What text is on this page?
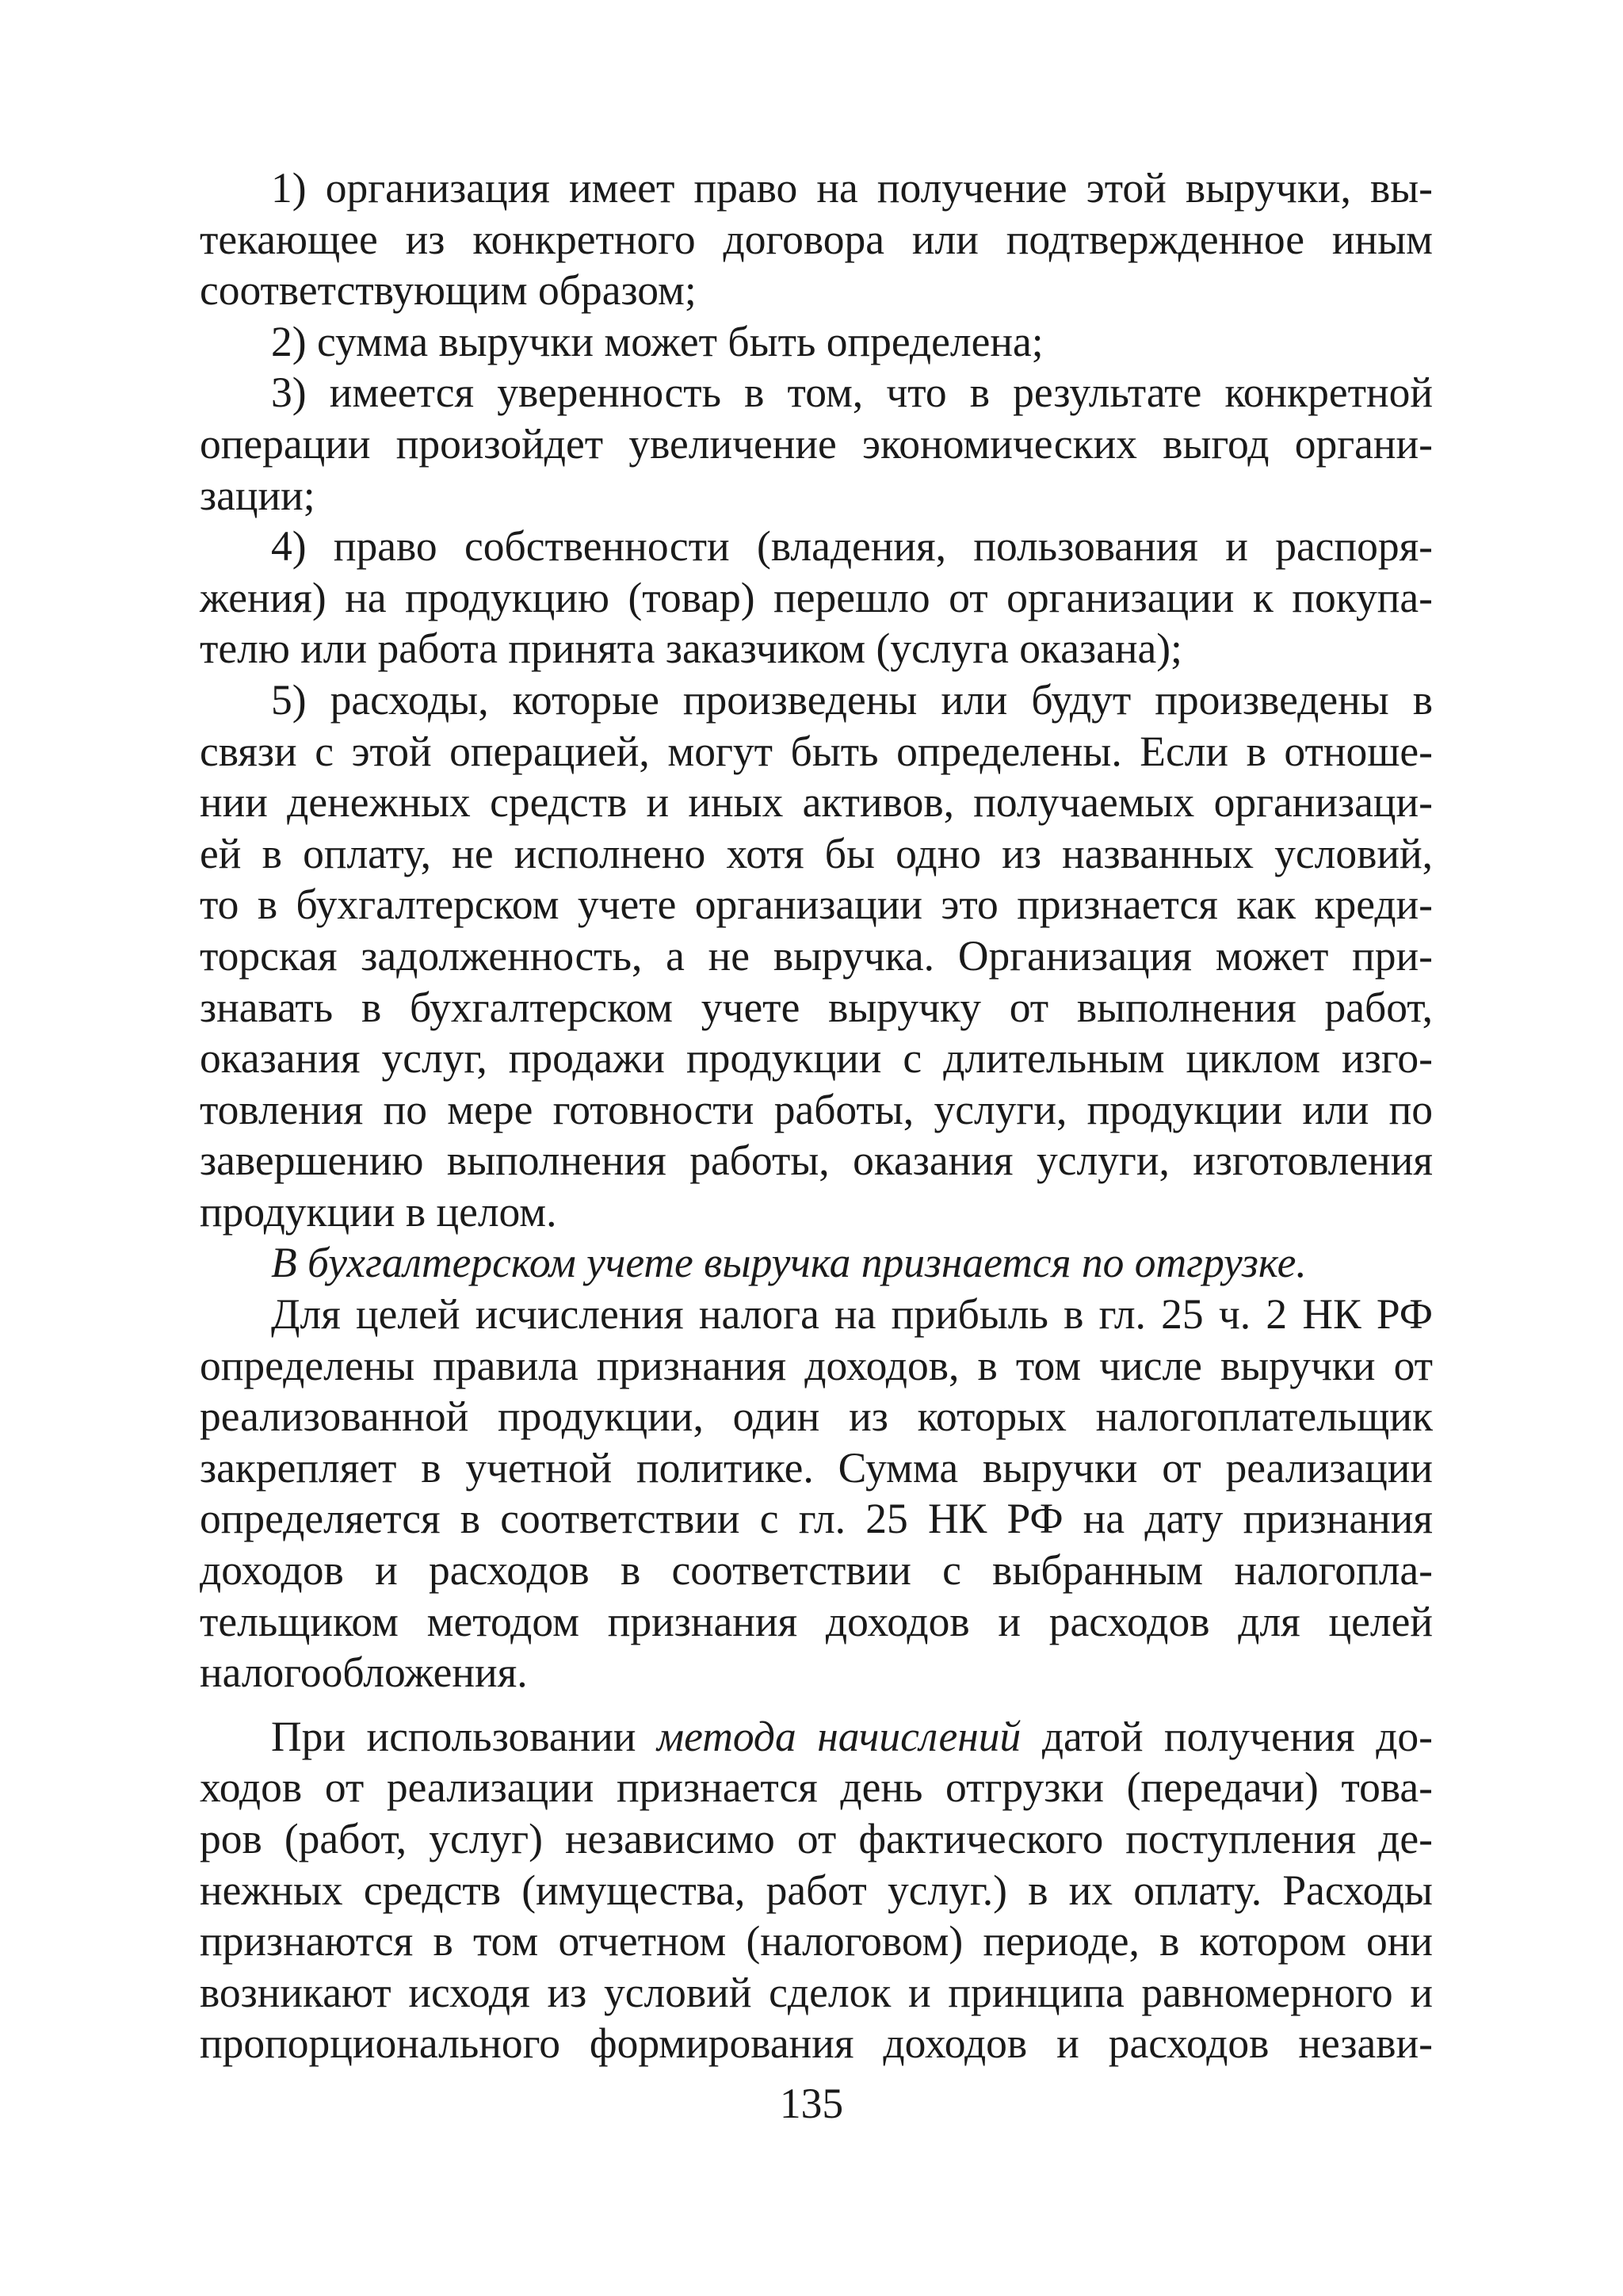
1) организация имеет право на получение этой выручки, вы-
текающее из конкретного договора или подтвержденное иным
соответствующим образом;
2) сумма выручки может быть определена;
3) имеется уверенность в том, что в результате конкретной
операции произойдет увеличение экономических выгод органи-
зации;
4) право собственности (владения, пользования и распоря-
жения) на продукцию (товар) перешло от организации к покупа-
телю или работа принята заказчиком (услуга оказана);
5) расходы, которые произведены или будут произведены в
связи с этой операцией, могут быть определены. Если в отноше-
нии денежных средств и иных активов, получаемых организаци-
ей в оплату, не исполнено хотя бы одно из названных условий,
то в бухгалтерском учете организации это признается как креди-
торская задолженность, а не выручка. Организация может при-
знавать в бухгалтерском учете выручку от выполнения работ,
оказания услуг, продажи продукции с длительным циклом изго-
товления по мере готовности работы, услуги, продукции или по
завершению выполнения работы, оказания услуги, изготовления
продукции в целом.
В бухгалтерском учете выручка признается по отгрузке.
Для целей исчисления налога на прибыль в гл. 25 ч. 2 НК РФ
определены правила признания доходов, в том числе выручки от
реализованной продукции, один из которых налогоплательщик
закрепляет в учетной политике. Сумма выручки от реализации
определяется в соответствии с гл. 25 НК РФ на дату признания
доходов и расходов в соответствии с выбранным налогопла-
тельщиком методом признания доходов и расходов для целей
налогообложения.
При использовании метода начислений датой получения до-
ходов от реализации признается день отгрузки (передачи) това-
ров (работ, услуг) независимо от фактического поступления де-
нежных средств (имущества, работ услуг.) в их оплату. Расходы
признаются в том отчетном (налоговом) периоде, в котором они
возникают исходя из условий сделок и принципа равномерного и
пропорционального формирования доходов и расходов незави-
135
